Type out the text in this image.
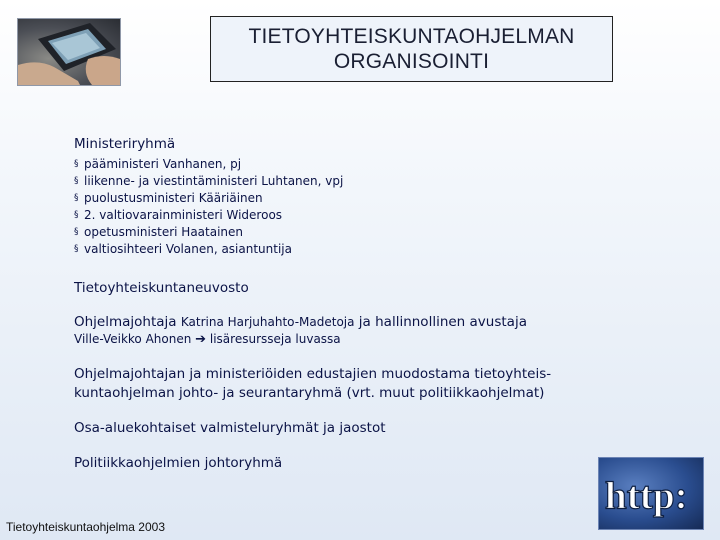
TIETOYHTEISKUNTAOHJELMAN
ORGANISOINTI
Ministeriryhmä
§ pääministeri Vanhanen, pj
§ liikenne- ja viestintäministeri Luhtanen, vpj
§ puolustusministeri Kääriäinen
§ 2. valtiovarainministeri Wideroos
§ opetusministeri Haatainen
§ valtiosihteeri Volanen, asiantuntija
Tietoyhteiskuntaneuvosto
Ohjelmajohtaja Katrina Harjuhahto-Madetoja ja hallinnollinen avustaja
Ville-Veikko Ahonen ➔ lisäresursseja luvassa
Ohjelmajohtajan ja ministeriöiden edustajien muodostama tietoyhteis-
kuntaohjelman johto- ja seurantaryhmä (vrt. muut politiikkaohjelmat)
Osa-aluekohtaiset valmisteluryhmät ja jaostot
Politiikkaohjelmien johtoryhmä
http:
Tietoyhteiskuntaohjelma 2003
